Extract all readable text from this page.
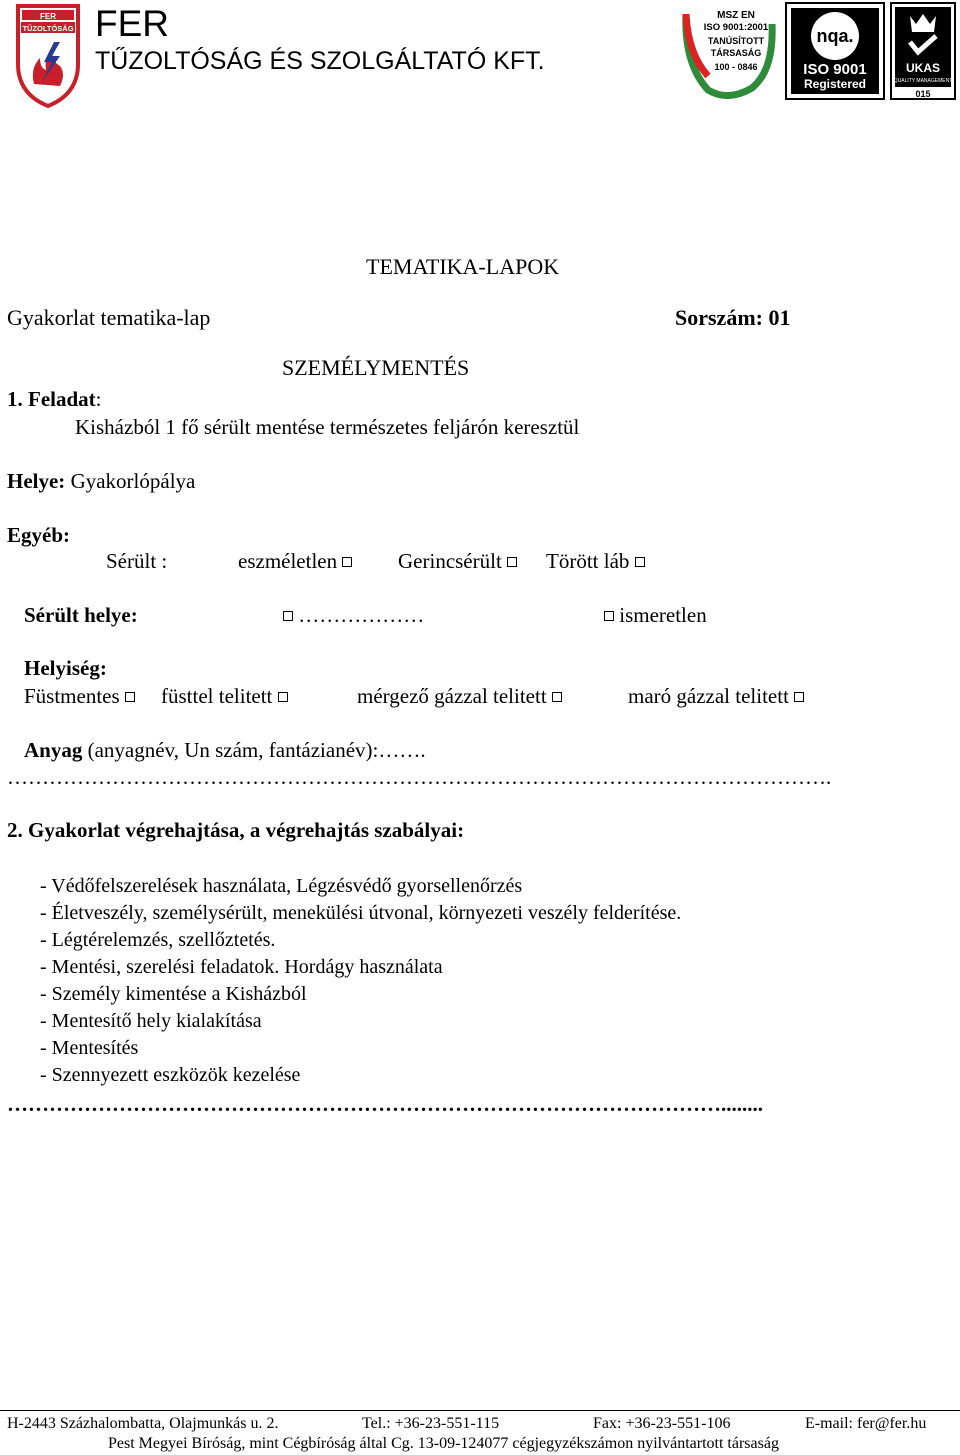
FER
TŰZOLTÓSÁG FER
TŰZOLTÓSÁG ÉS SZOLGÁLTATÓ KFT.
MSZ EN
ISO 9001:2001
TANÚSÍTOTT
TÁRSASÁG
100 - 0846
nqa.
ISO 9001
Registered
UKAS
QUALITY MANAGEMENT
015
TEMATIKA-LAPOK
Gyakorlat tematika-lap	Sorszám: 01
SZEMÉLYMENTÉS
1. Feladat:
Kisházból 1 fő sérült mentése természetes feljárón keresztül
Helye: Gyakorlópálya
Egyéb:
Sérült :	eszméletlen	Gerincsérült	Törött láb
Sérült helye:	………………	ismeretlen
Helyiség:
Füstmentes	füsttel telitett	mérgező gázzal telitett	maró gázzal telitett
Anyag (anyagnév, Un szám, fantázianév):…….
……………………………………………………………………………………………………….
2. Gyakorlat végrehajtása, a végrehajtás szabályai:
- Védőfelszerelések használata, Légzésvédő gyorsellenőrzés
- Életveszély, személysérült, menekülési útvonal, környezeti veszély felderítése.
- Légtérelemzés, szellőztetés.
- Mentési, szerelési feladatok. Hordágy használata
- Személy kimentése a Kisházból
- Mentesítő hely kialakítása
- Mentesítés
- Szennyezett eszközök kezelése
…………………………………………………………………………………………........
H-2443 Százhalombatta, Olajmunkás u. 2.	Tel.: +36-23-551-115	Fax: +36-23-551-106	E-mail: fer@fer.hu
Pest Megyei Bíróság, mint Cégbíróság által Cg. 13-09-124077 cégjegyzékszámon nyilvántartott társaság
